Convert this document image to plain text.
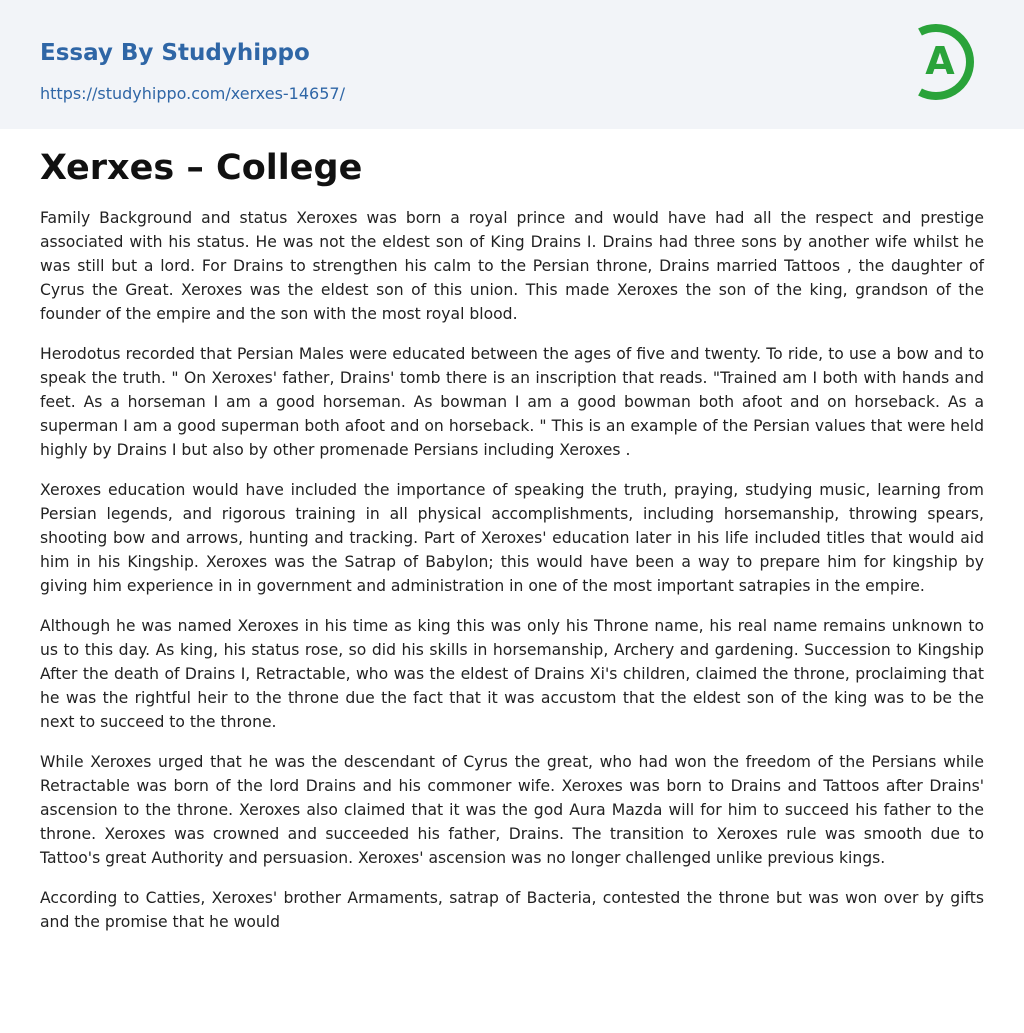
Essay By Studyhippo
https://studyhippo.com/xerxes-14657/
A
Xerxes – College

Family Background and status Xeroxes was born a royal prince and would have had all the respect and prestige associated with his status. He was not the eldest son of King Drains I. Drains had three sons by another wife whilst he was still but a lord. For Drains to strengthen his calm to the Persian throne, Drains married Tattoos , the daughter of Cyrus the Great. Xeroxes was the eldest son of this union. This made Xeroxes the son of the king, grandson of the founder of the empire and the son with the most royal blood.

Herodotus recorded that Persian Males were educated between the ages of five and twenty. To ride, to use a bow and to speak the truth. " On Xeroxes' father, Drains' tomb there is an inscription that reads. "Trained am I both with hands and feet. As a horseman I am a good horseman. As bowman I am a good bowman both afoot and on horseback. As a superman I am a good superman both afoot and on horseback. " This is an example of the Persian values that were held highly by Drains I but also by other promenade Persians including Xeroxes .

Xeroxes education would have included the importance of speaking the truth, praying, studying music, learning from Persian legends, and rigorous training in all physical accomplishments, including horsemanship, throwing spears, shooting bow and arrows, hunting and tracking. Part of Xeroxes' education later in his life included titles that would aid him in his Kingship. Xeroxes was the Satrap of Babylon; this would have been a way to prepare him for kingship by giving him experience in in government and administration in one of the most important satrapies in the empire.

Although he was named Xeroxes in his time as king this was only his Throne name, his real name remains unknown to us to this day. As king, his status rose, so did his skills in horsemanship, Archery and gardening. Succession to Kingship After the death of Drains I, Retractable, who was the eldest of Drains Xi's children, claimed the throne, proclaiming that he was the rightful heir to the throne due the fact that it was accustom that the eldest son of the king was to be the next to succeed to the throne.

While Xeroxes urged that he was the descendant of Cyrus the great, who had won the freedom of the Persians while Retractable was born of the lord Drains and his commoner wife. Xeroxes was born to Drains and Tattoos after Drains' ascension to the throne. Xeroxes also claimed that it was the god Aura Mazda will for him to succeed his father to the throne. Xeroxes was crowned and succeeded his father, Drains. The transition to Xeroxes rule was smooth due to Tattoo's great Authority and persuasion. Xeroxes' ascension was no longer challenged unlike previous kings.

According to Catties, Xeroxes' brother Armaments, satrap of Bacteria, contested the throne but was won over by gifts and the promise that he would
